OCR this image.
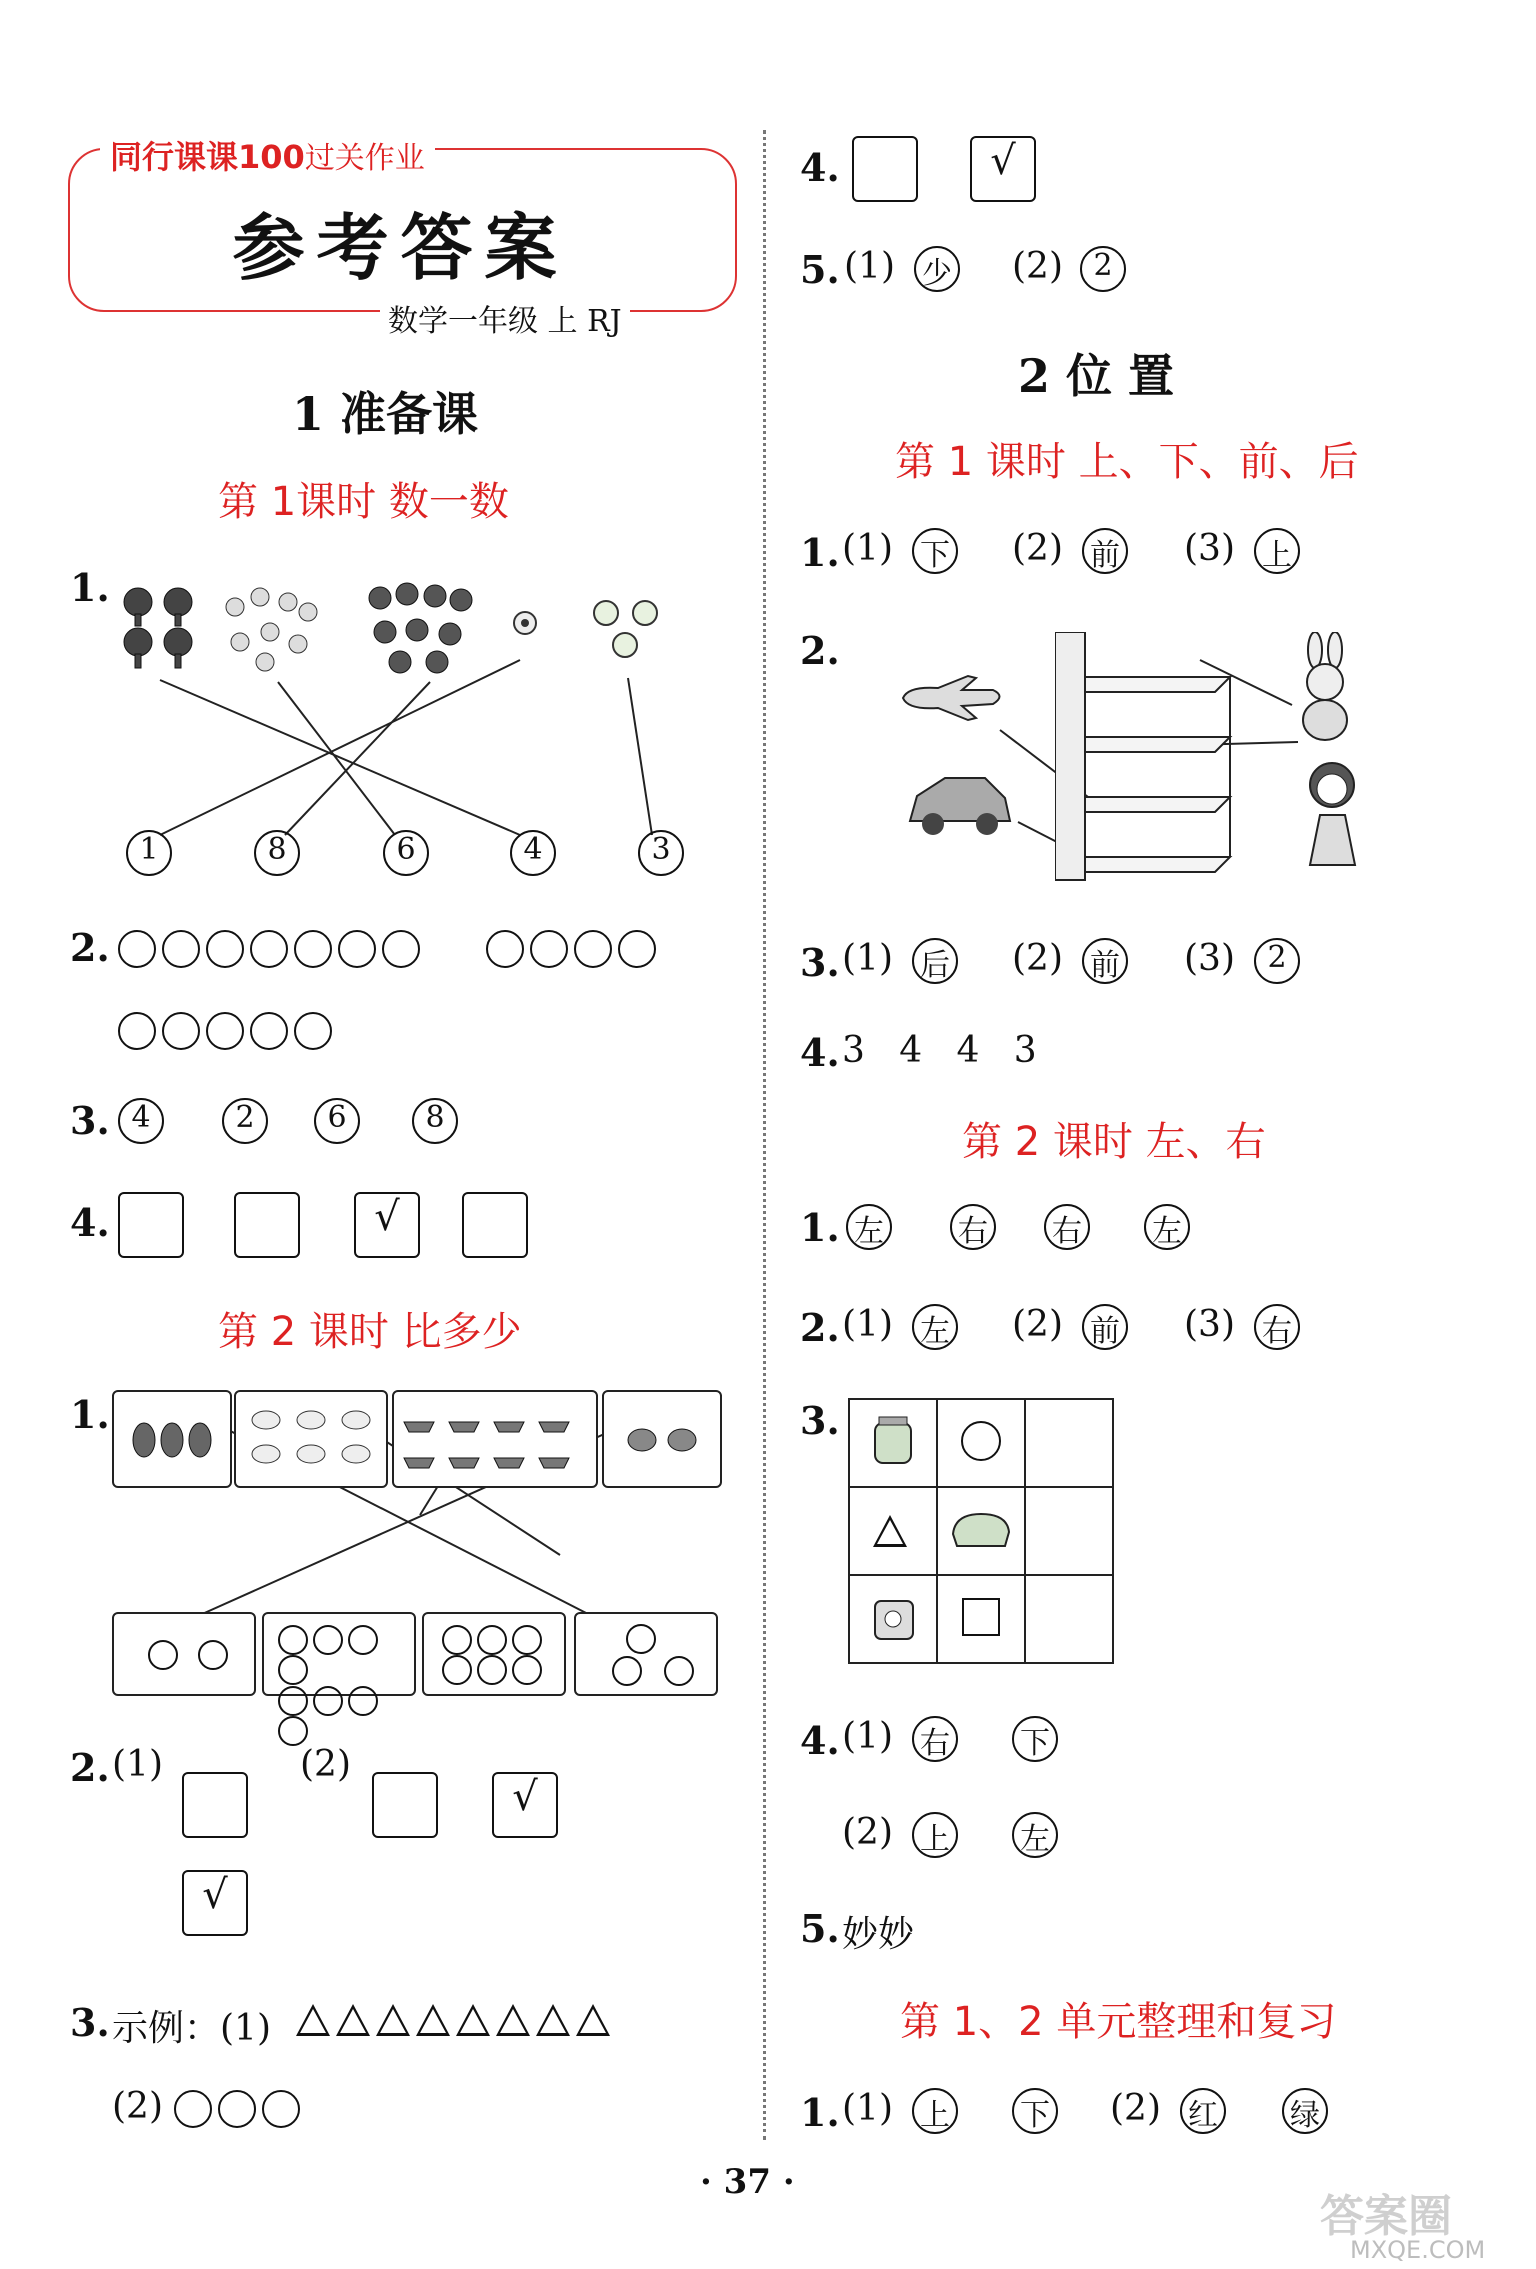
同行课课100过关作业
参考答案
数学一年级 上 RJ
1 准备课
第 1课时 数一数
1.
1	8	6	4	3
2.
3. 4	2	6	8
4.	√
第 2 课时 比多少
1.

2. (1)	(2)
√
√
3. 示例：(1)
(2)
4.	√
5. (1) 少 (2)	2
2 位 置
第 1 课时 上、下、前、后
1. (1) 下 (2) 前 (3) 上
2.
3. (1) 后 (2) 前 (3)	2
4. 3   4   4   3
第 2 课时 左、右
1. 左 右 右 左
2. (1) 左 (2) 前 (3) 右
3.

4. (1) 右 下
(2) 上 左
5. 妙妙
第 1、2 单元整理和复习
1. (1) 上 下 (2) 红 绿
· 37 ·
答案圈
MXQE.COM
